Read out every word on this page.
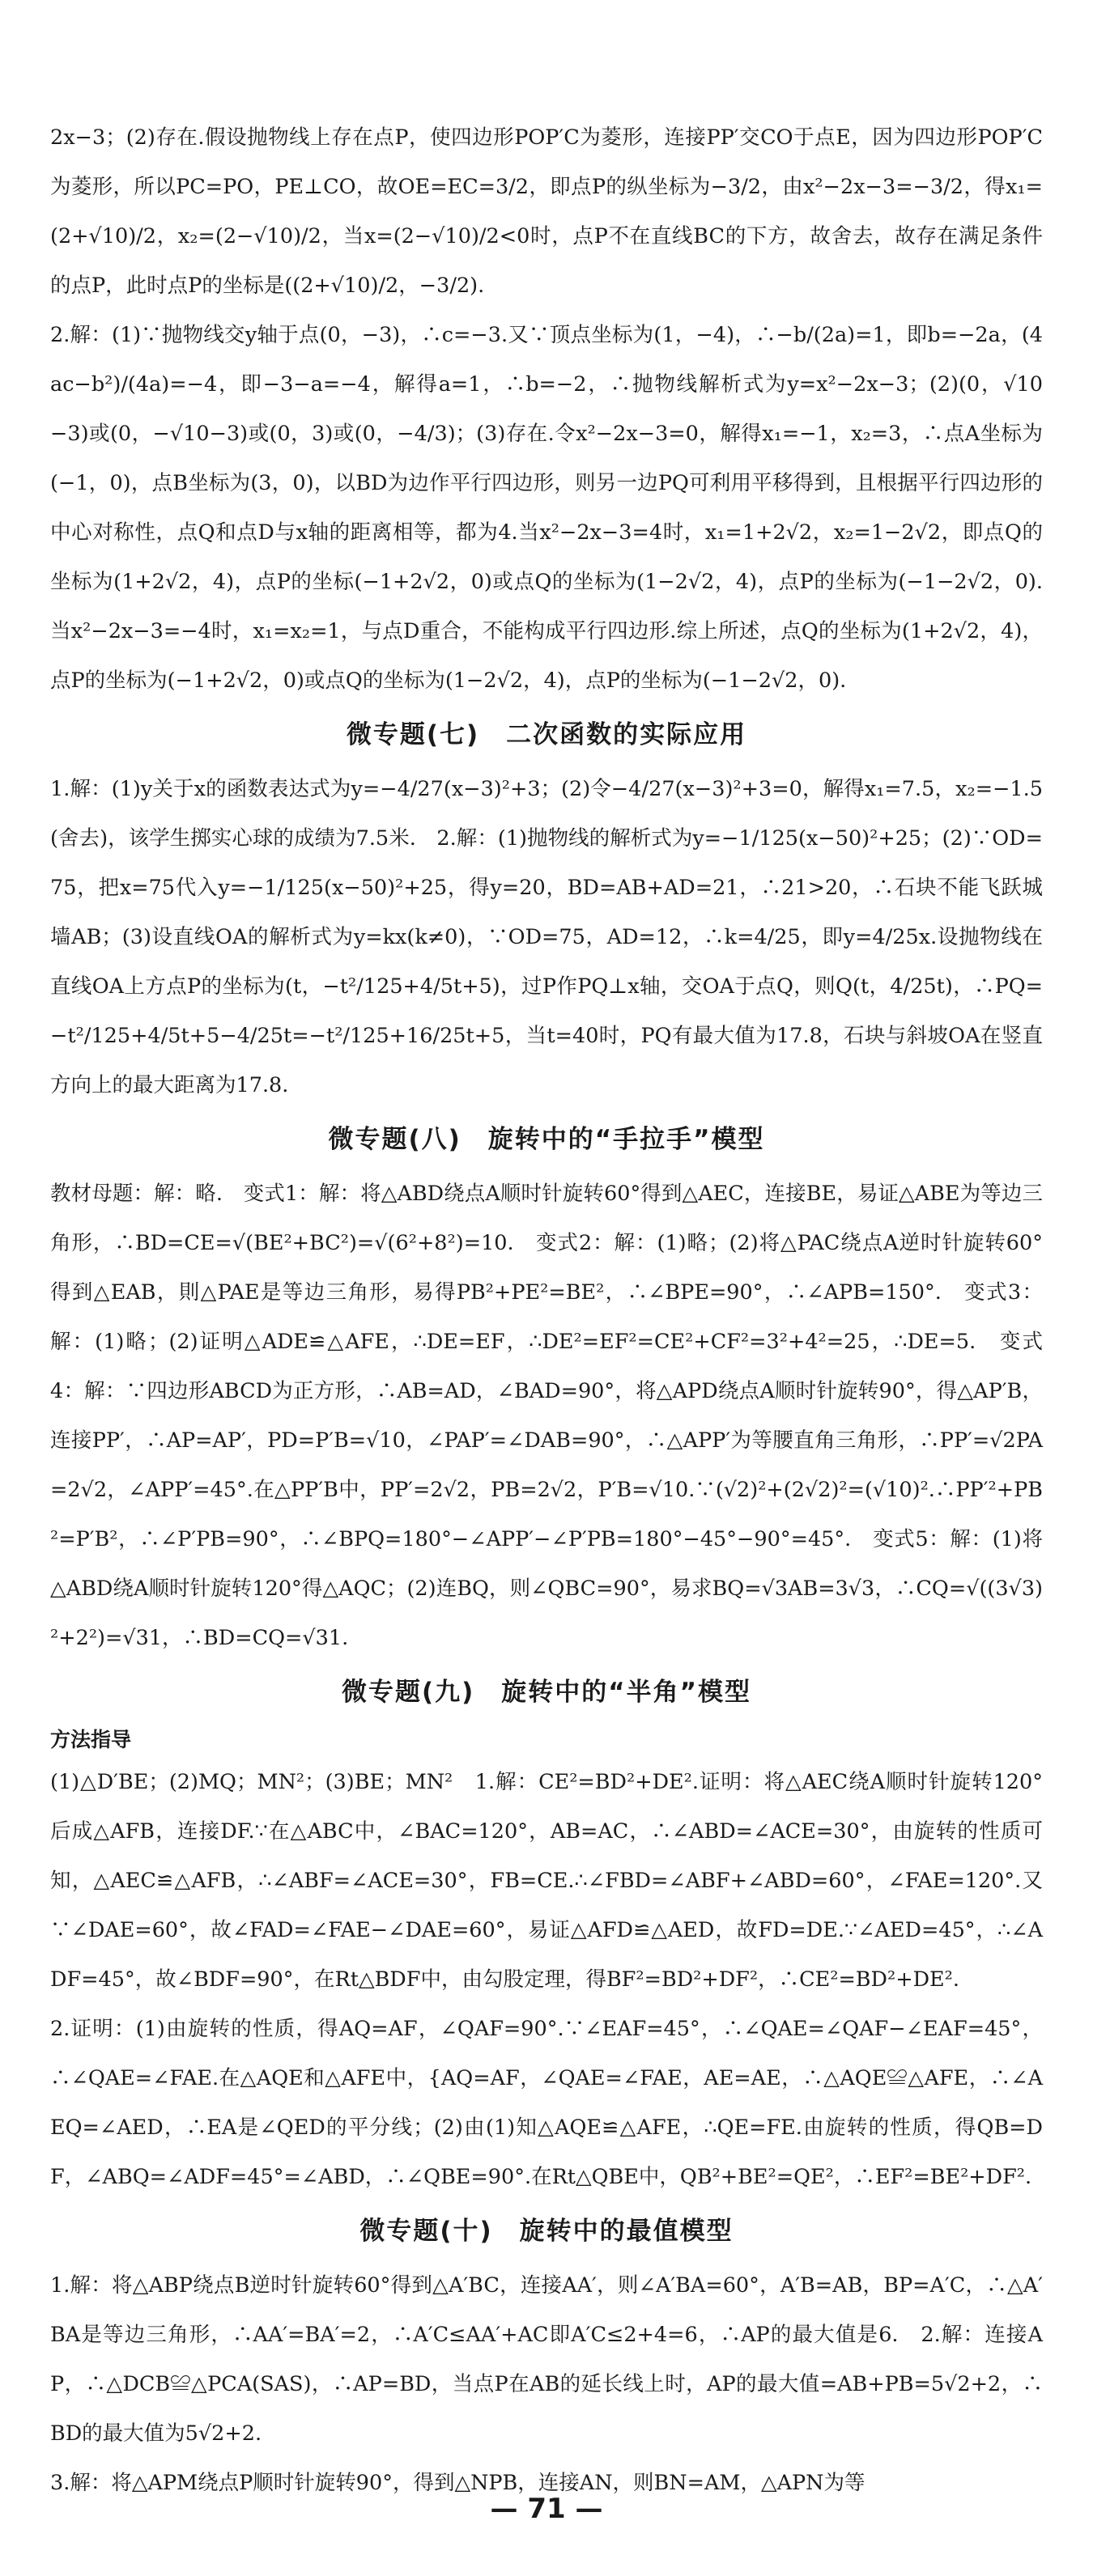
2x−3；(2)存在.假设抛物线上存在点P，使四边形POP′C为菱形，连接PP′交CO于点E，因为四边形POP′C为菱形，所以PC=PO，PE⊥CO，故OE=EC=3/2，即点P的纵坐标为−3/2，由x²−2x−3=−3/2，得x₁=(2+√10)/2，x₂=(2−√10)/2，当x=(2−√10)/2<0时，点P不在直线BC的下方，故舍去，故存在满足条件的点P，此时点P的坐标是((2+√10)/2，−3/2).

2.解：(1)∵抛物线交y轴于点(0，−3)，∴c=−3.又∵顶点坐标为(1，−4)，∴−b/(2a)=1，即b=−2a，(4ac−b²)/(4a)=−4，即−3−a=−4，解得a=1，∴b=−2，∴抛物线解析式为y=x²−2x−3；(2)(0，√10−3)或(0，−√10−3)或(0，3)或(0，−4/3)；(3)存在.令x²−2x−3=0，解得x₁=−1，x₂=3，∴点A坐标为(−1，0)，点B坐标为(3，0)，以BD为边作平行四边形，则另一边PQ可利用平移得到，且根据平行四边形的中心对称性，点Q和点D与x轴的距离相等，都为4.当x²−2x−3=4时，x₁=1+2√2，x₂=1−2√2，即点Q的坐标为(1+2√2，4)，点P的坐标(−1+2√2，0)或点Q的坐标为(1−2√2，4)，点P的坐标为(−1−2√2，0).当x²−2x−3=−4时，x₁=x₂=1，与点D重合，不能构成平行四边形.综上所述，点Q的坐标为(1+2√2，4)，点P的坐标为(−1+2√2，0)或点Q的坐标为(1−2√2，4)，点P的坐标为(−1−2√2，0).

微专题(七)　二次函数的实际应用

1.解：(1)y关于x的函数表达式为y=−4/27(x−3)²+3；(2)令−4/27(x−3)²+3=0，解得x₁=7.5，x₂=−1.5(舍去)，该学生掷实心球的成绩为7.5米.　2.解：(1)抛物线的解析式为y=−1/125(x−50)²+25；(2)∵OD=75，把x=75代入y=−1/125(x−50)²+25，得y=20，BD=AB+AD=21，∴21>20，∴石块不能飞跃城墙AB；(3)设直线OA的解析式为y=kx(k≠0)，∵OD=75，AD=12，∴k=4/25，即y=4/25x.设抛物线在直线OA上方点P的坐标为(t，−t²/125+4/5t+5)，过P作PQ⊥x轴，交OA于点Q，则Q(t，4/25t)，∴PQ=−t²/125+4/5t+5−4/25t=−t²/125+16/25t+5，当t=40时，PQ有最大值为17.8，石块与斜坡OA在竖直方向上的最大距离为17.8.

微专题(八)　旋转中的“手拉手”模型

教材母题：解：略.　变式1：解：将△ABD绕点A顺时针旋转60°得到△AEC，连接BE，易证△ABE为等边三角形，∴BD=CE=√(BE²+BC²)=√(6²+8²)=10.　变式2：解：(1)略；(2)将△PAC绕点A逆时针旋转60°得到△EAB，則△PAE是等边三角形，易得PB²+PE²=BE²，∴∠BPE=90°，∴∠APB=150°.　变式3：解：(1)略；(2)证明△ADE≌△AFE，∴DE=EF，∴DE²=EF²=CE²+CF²=3²+4²=25，∴DE=5.　变式4：解：∵四边形ABCD为正方形，∴AB=AD，∠BAD=90°，将△APD绕点A顺时针旋转90°，得△AP′B，连接PP′，∴AP=AP′，PD=P′B=√10，∠PAP′=∠DAB=90°，∴△APP′为等腰直角三角形，∴PP′=√2PA=2√2，∠APP′=45°.在△PP′B中，PP′=2√2，PB=2√2，P′B=√10.∵(√2)²+(2√2)²=(√10)².∴PP′²+PB²=P′B²，∴∠P′PB=90°，∴∠BPQ=180°−∠APP′−∠P′PB=180°−45°−90°=45°.　变式5：解：(1)将△ABD绕A顺时针旋转120°得△AQC；(2)连BQ，则∠QBC=90°，易求BQ=√3AB=3√3，∴CQ=√((3√3)²+2²)=√31，∴BD=CQ=√31.

微专题(九)　旋转中的“半角”模型
方法指导

(1)△D′BE；(2)MQ；MN²；(3)BE；MN²　1.解：CE²=BD²+DE².证明：将△AEC绕A顺时针旋转120°后成△AFB，连接DF.∵在△ABC中，∠BAC=120°，AB=AC，∴∠ABD=∠ACE=30°，由旋转的性质可知，△AEC≌△AFB，∴∠ABF=∠ACE=30°，FB=CE.∴∠FBD=∠ABF+∠ABD=60°，∠FAE=120°.又∵∠DAE=60°，故∠FAD=∠FAE−∠DAE=60°，易证△AFD≌△AED，故FD=DE.∵∠AED=45°，∴∠ADF=45°，故∠BDF=90°，在Rt△BDF中，由勾股定理，得BF²=BD²+DF²，∴CE²=BD²+DE².

2.证明：(1)由旋转的性质，得AQ=AF，∠QAF=90°.∵∠EAF=45°，∴∠QAE=∠QAF−∠EAF=45°，∴∠QAE=∠FAE.在△AQE和△AFE中，{AQ=AF，∠QAE=∠FAE，AE=AE，∴△AQE≌△AFE，∴∠AEQ=∠AED，∴EA是∠QED的平分线；(2)由(1)知△AQE≌△AFE，∴QE=FE.由旋转的性质，得QB=DF，∠ABQ=∠ADF=45°=∠ABD，∴∠QBE=90°.在Rt△QBE中，QB²+BE²=QE²，∴EF²=BE²+DF².

微专题(十)　旋转中的最值模型

1.解：将△ABP绕点B逆时针旋转60°得到△A′BC，连接AA′，则∠A′BA=60°，A′B=AB，BP=A′C，∴△A′BA是等边三角形，∴AA′=BA′=2，∴A′C≤AA′+AC即A′C≤2+4=6，∴AP的最大值是6.　2.解：连接AP，∴△DCB≌△PCA(SAS)，∴AP=BD，当点P在AB的延长线上时，AP的最大值=AB+PB=5√2+2，∴BD的最大值为5√2+2.

3.解：将△APM绕点P顺时针旋转90°，得到△NPB，连接AN，则BN=AM，△APN为等

— 71 —
